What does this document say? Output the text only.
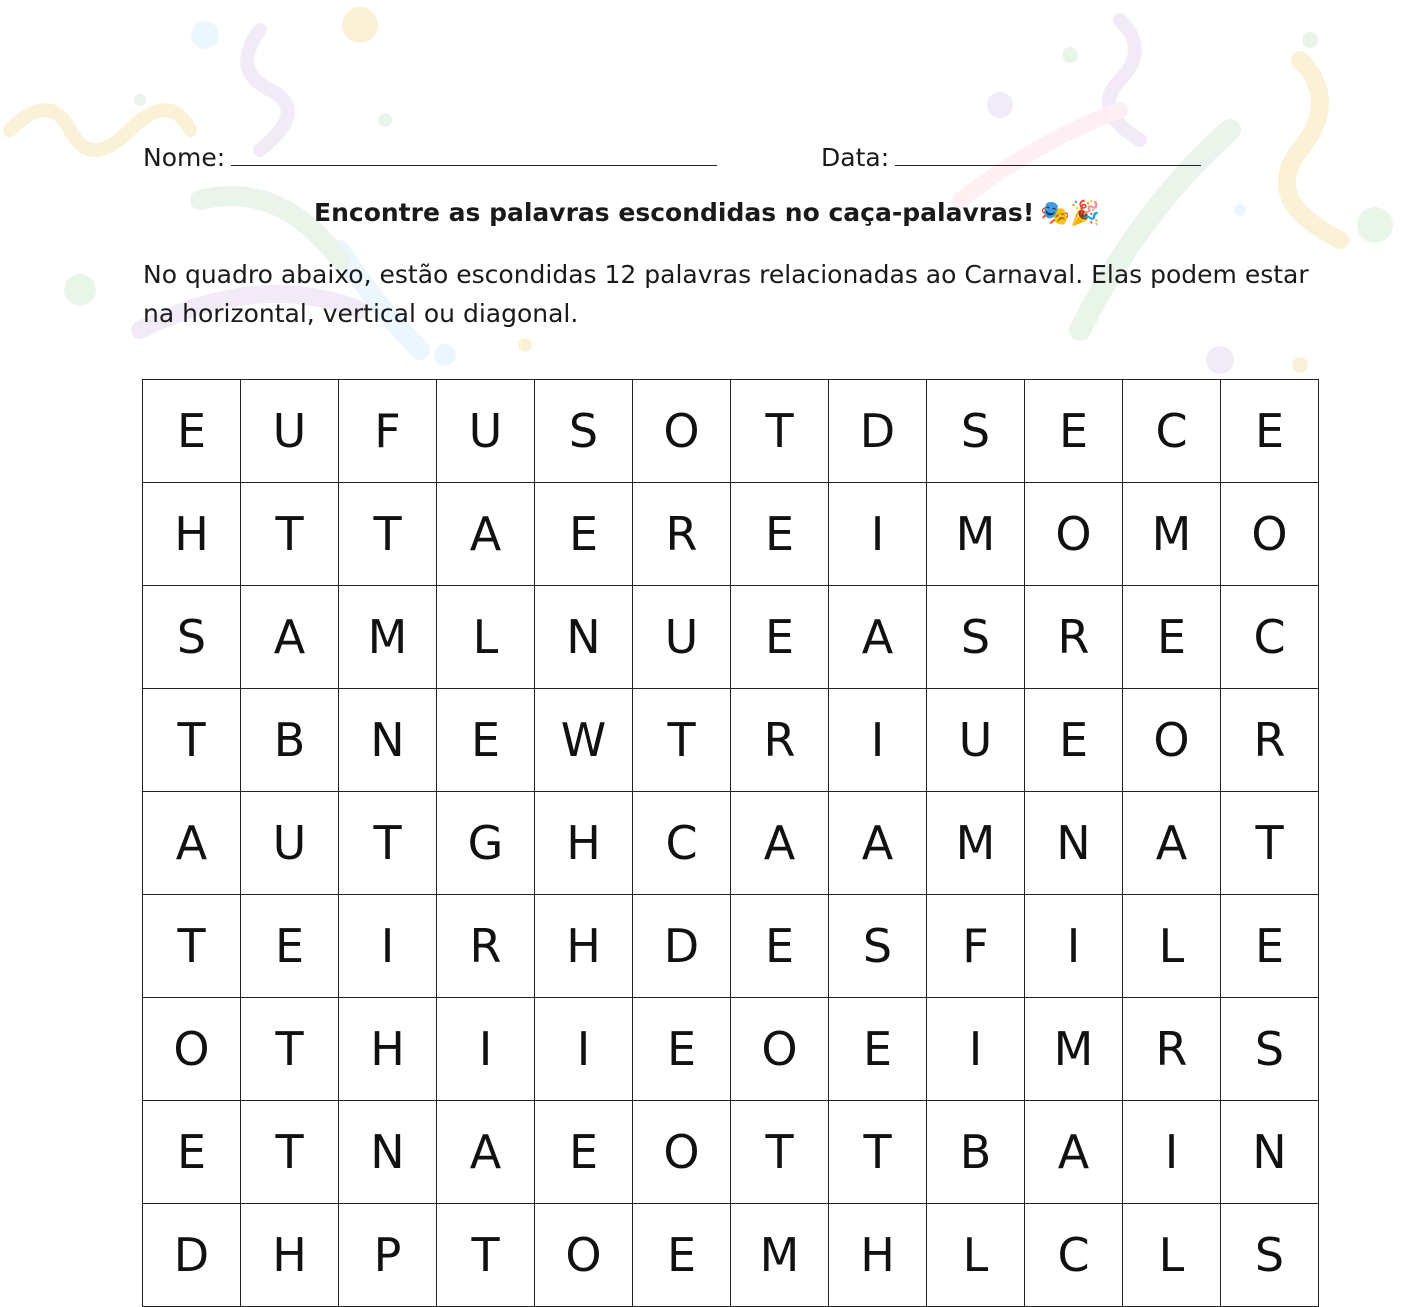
Nome:	Data:
Encontre as palavras escondidas no caça-palavras! 🎭🎉
No quadro abaixo, estão escondidas 12 palavras relacionadas ao Carnaval. Elas podem estar na horizontal, vertical ou diagonal.
E	U	F	U	S	O	T	D	S	E	C	E
H	T	T	A	E	R	E	I	M	O	M	O
S	A	M	L	N	U	E	A	S	R	E	C
T	B	N	E	W	T	R	I	U	E	O	R
A	U	T	G	H	C	A	A	M	N	A	T
T	E	I	R	H	D	E	S	F	I	L	E
O	T	H	I	I	E	O	E	I	M	R	S
E	T	N	A	E	O	T	T	B	A	I	N
D	H	P	T	O	E	M	H	L	C	L	S
